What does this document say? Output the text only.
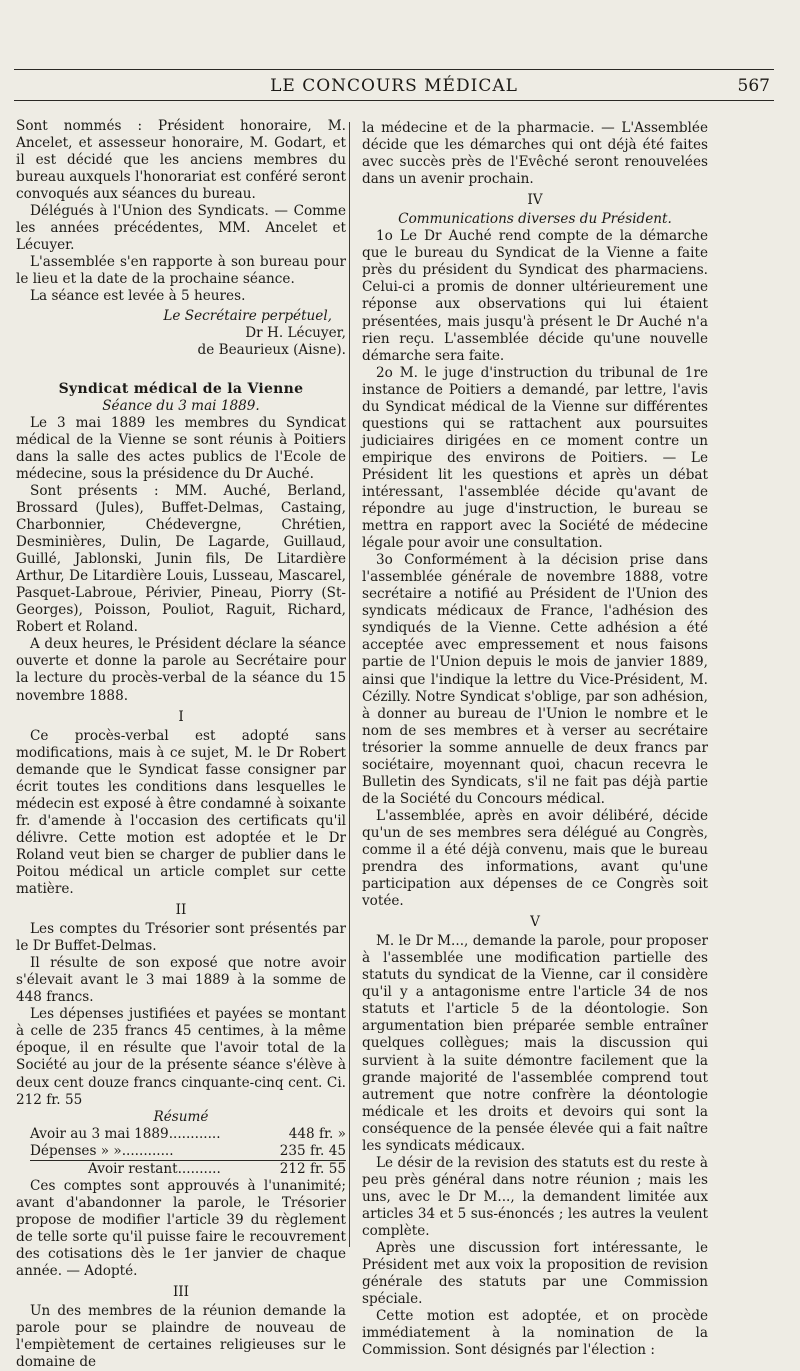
LE CONCOURS MÉDICAL	567

Sont nommés : Président honoraire, M. Ancelet, et assesseur honoraire, M. Godart, et il est décidé que les anciens membres du bureau auxquels l'honorariat est conféré seront convoqués aux séances du bureau.

Délégués à l'Union des Syndicats. — Comme les années précédentes, MM. Ancelet et Lécuyer.

L'assemblée s'en rapporte à son bureau pour le lieu et la date de la prochaine séance.

La séance est levée à 5 heures.

Le Secrétaire perpétuel,

Dr H. Lécuyer,

de Beaurieux (Aisne).

Syndicat médical de la Vienne

Séance du 3 mai 1889.

Le 3 mai 1889 les membres du Syndicat médical de la Vienne se sont réunis à Poitiers dans la salle des actes publics de l'Ecole de médecine, sous la présidence du Dr Auché.

Sont présents : MM. Auché, Berland, Brossard (Jules), Buffet-Delmas, Castaing, Charbonnier, Chédevergne, Chrétien, Desminières, Dulin, De Lagarde, Guillaud, Guillé, Jablonski, Junin fils, De Litardière Arthur, De Litardière Louis, Lusseau, Mascarel, Pasquet-Labroue, Périvier, Pineau, Piorry (St-Georges), Poisson, Pouliot, Raguit, Richard, Robert et Roland.

A deux heures, le Président déclare la séance ouverte et donne la parole au Secrétaire pour la lecture du procès-verbal de la séance du 15 novembre 1888.

I

Ce procès-verbal est adopté sans modifications, mais à ce sujet, M. le Dr Robert demande que le Syndicat fasse consigner par écrit toutes les conditions dans lesquelles le médecin est exposé à être condamné à soixante fr. d'amende à l'occasion des certificats qu'il délivre. Cette motion est adoptée et le Dr Roland veut bien se charger de publier dans le Poitou médical un article complet sur cette matière.

II

Les comptes du Trésorier sont présentés par le Dr Buffet-Delmas.

Il résulte de son exposé que notre avoir s'élevait avant le 3 mai 1889 à la somme de 448 francs.

Les dépenses justifiées et payées se montant à celle de 235 francs 45 centimes, à la même époque, il en résulte que l'avoir total de la Société au jour de la présente séance s'élève à deux cent douze francs cinquante-cinq cent. Ci. 212 fr. 55

Résumé

Avoir au 3 mai 1889............	448 fr. »
Dépenses » »............	235 fr. 45
Avoir restant..........	212 fr. 55

Ces comptes sont approuvés à l'unanimité; avant d'abandonner la parole, le Trésorier propose de modifier l'article 39 du règlement de telle sorte qu'il puisse faire le recouvrement des cotisations dès le 1er janvier de chaque année. — Adopté.

III

Un des membres de la réunion demande la parole pour se plaindre de nouveau de l'empiètement de certaines religieuses sur le domaine de

la médecine et de la pharmacie. — L'Assemblée décide que les démarches qui ont déjà été faites avec succès près de l'Evêché seront renouvelées dans un avenir prochain.

IV

Communications diverses du Président.

1o Le Dr Auché rend compte de la démarche que le bureau du Syndicat de la Vienne a faite près du président du Syndicat des pharmaciens. Celui-ci a promis de donner ultérieurement une réponse aux observations qui lui étaient présentées, mais jusqu'à présent le Dr Auché n'a rien reçu. L'assemblée décide qu'une nouvelle démarche sera faite.

2o M. le juge d'instruction du tribunal de 1re instance de Poitiers a demandé, par lettre, l'avis du Syndicat médical de la Vienne sur différentes questions qui se rattachent aux poursuites judiciaires dirigées en ce moment contre un empirique des environs de Poitiers. — Le Président lit les questions et après un débat intéressant, l'assemblée décide qu'avant de répondre au juge d'instruction, le bureau se mettra en rapport avec la Société de médecine légale pour avoir une consultation.

3o Conformément à la décision prise dans l'assemblée générale de novembre 1888, votre secrétaire a notifié au Président de l'Union des syndicats médicaux de France, l'adhésion des syndiqués de la Vienne. Cette adhésion a été acceptée avec empressement et nous faisons partie de l'Union depuis le mois de janvier 1889, ainsi que l'indique la lettre du Vice-Président, M. Cézilly. Notre Syndicat s'oblige, par son adhésion, à donner au bureau de l'Union le nombre et le nom de ses membres et à verser au secrétaire trésorier la somme annuelle de deux francs par sociétaire, moyennant quoi, chacun recevra le Bulletin des Syndicats, s'il ne fait pas déjà partie de la Société du Concours médical.

L'assemblée, après en avoir délibéré, décide qu'un de ses membres sera délégué au Congrès, comme il a été déjà convenu, mais que le bureau prendra des informations, avant qu'une participation aux dépenses de ce Congrès soit votée.

V

M. le Dr M..., demande la parole, pour proposer à l'assemblée une modification partielle des statuts du syndicat de la Vienne, car il considère qu'il y a antagonisme entre l'article 34 de nos statuts et l'article 5 de la déontologie. Son argumentation bien préparée semble entraîner quelques collègues; mais la discussion qui survient à la suite démontre facilement que la grande majorité de l'assemblée comprend tout autrement que notre confrère la déontologie médicale et les droits et devoirs qui sont la conséquence de la pensée élevée qui a fait naître les syndicats médicaux.

Le désir de la revision des statuts est du reste à peu près général dans notre réunion ; mais les uns, avec le Dr M..., la demandent limitée aux articles 34 et 5 sus-énoncés ; les autres la veulent complète.

Après une discussion fort intéressante, le Président met aux voix la proposition de revision générale des statuts par une Commission spéciale.

Cette motion est adoptée, et on procède immédiatement à la nomination de la Commission. Sont désignés par l'élection :
